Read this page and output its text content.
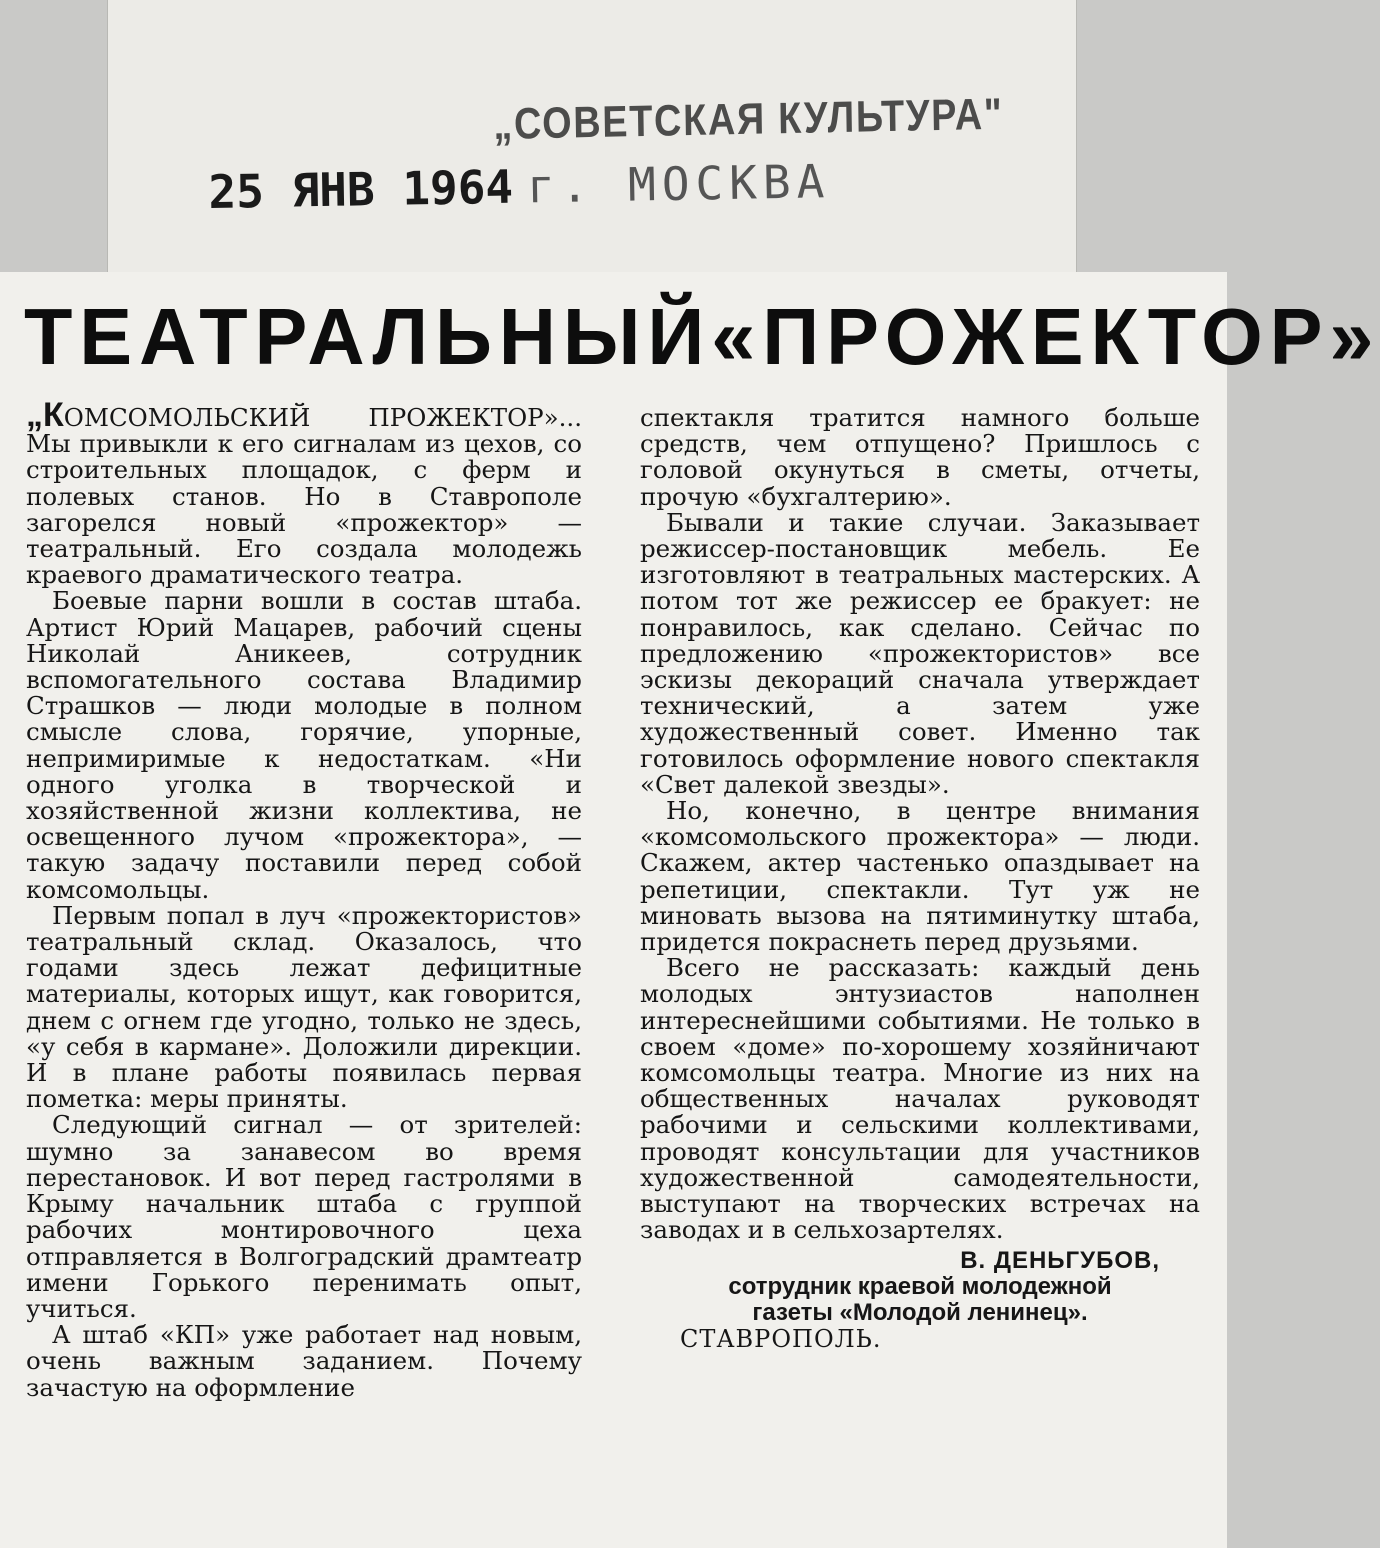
„СОВЕТСКАЯ КУЛЬТУРА"
25 ЯНВ 1964 г. МОСКВА
ТЕАТРАЛЬНЫЙ «ПРОЖЕКТОР»

„КОМСОМОЛЬСКИЙ ПРОЖЕКТОР»... Мы привыкли к его сигналам из цехов, со строительных площадок, с ферм и полевых станов. Но в Ставрополе загорелся новый «прожектор» — театральный. Его создала молодежь краевого драматического театра.

Боевые парни вошли в состав штаба. Артист Юрий Мацарев, рабочий сцены Николай Аникеев, сотрудник вспомогательного состава Владимир Страшков — люди молодые в полном смысле слова, горячие, упорные, непримиримые к недостаткам. «Ни одного уголка в творческой и хозяйственной жизни коллектива, не освещенного лучом «прожектора», — такую задачу поставили перед собой комсомольцы.

Первым попал в луч «прожектористов» театральный склад. Оказалось, что годами здесь лежат дефицитные материалы, которых ищут, как говорится, днем с огнем где угодно, только не здесь, «у себя в кармане». Доложили дирекции. И в плане работы появилась первая пометка: меры приняты.

Следующий сигнал — от зрителей: шумно за занавесом во время перестановок. И вот перед гастролями в Крыму начальник штаба с группой рабочих монтировочного цеха отправляется в Волгоградский драмтеатр имени Горького перенимать опыт, учиться.

А штаб «КП» уже работает над новым, очень важным заданием. Почему зачастую на оформление

спектакля тратится намного больше средств, чем отпущено? Пришлось с головой окунуться в сметы, отчеты, прочую «бухгалтерию».

Бывали и такие случаи. Заказывает режиссер-постановщик мебель. Ее изготовляют в театральных мастерских. А потом тот же режиссер ее бракует: не понравилось, как сделано. Сейчас по предложению «прожектористов» все эскизы декораций сначала утверждает технический, а затем уже художественный совет. Именно так готовилось оформление нового спектакля «Свет далекой звезды».

Но, конечно, в центре внимания «комсомольского прожектора» — люди. Скажем, актер частенько опаздывает на репетиции, спектакли. Тут уж не миновать вызова на пятиминутку штаба, придется покраснеть перед друзьями.

Всего не рассказать: каждый день молодых энтузиастов наполнен интереснейшими событиями. Не только в своем «доме» по-хорошему хозяйничают комсомольцы театра. Многие из них на общественных началах руководят рабочими и сельскими коллективами, проводят консультации для участников художественной самодеятельности, выступают на творческих встречах на заводах и в сельхозартелях.

В. ДЕНЬГУБОВ,
сотрудник краевой молодежной
газеты «Молодой ленинец».
СТАВРОПОЛЬ.
